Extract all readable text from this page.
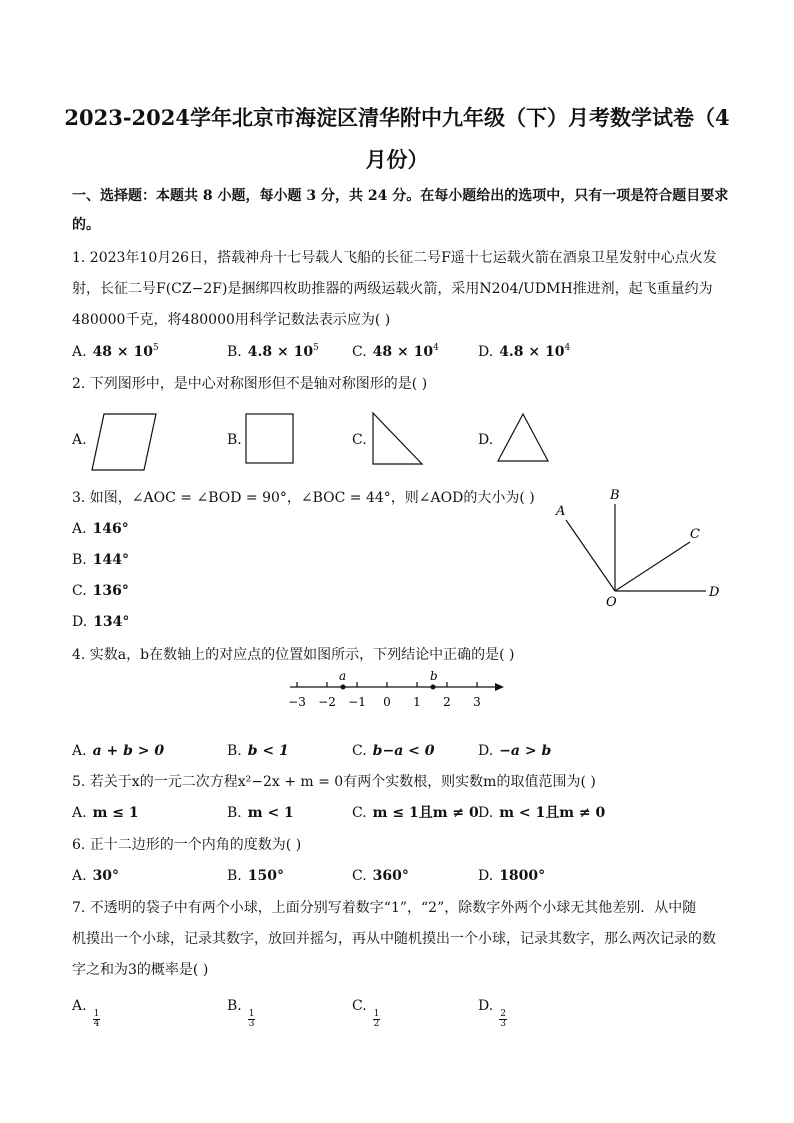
2023-2024学年北京市海淀区清华附中九年级（下）月考数学试卷（4
月份）
一、选择题：本题共 8 小题，每小题 3 分，共 24 分。在每小题给出的选项中，只有一项是符合题目要求
的。
1. 2023年10月26日，搭载神舟十七号载人飞船的长征二号F遥十七运载火箭在酒泉卫星发射中心点火发
射，长征二号F(CZ−2F)是捆绑四枚助推器的两级运载火箭，采用N204/UDMH推进剂，起飞重量约为
480000千克，将480000用科学记数法表示应为( )
A. $48 \times 10^5$	B. $4.8 \times 10^5$ C. $48 \times 10^4$	D. $4.8 \times 10^4$
2. 下列图形中，是中心对称图形但不是轴对称图形的是( )
A.	B.	C.	D.
3. 如图，∠AOC = ∠BOD = 90°，∠BOC = 44°，则∠AOD的大小为( )
A. 146°
B. 144°
C. 136°
D. 134°
A
B
C
D
O
4. 实数a，b在数轴上的对应点的位置如图所示，下列结论中正确的是( )
−3 −2 −1 0 1 2 3
a	b
A. a + b > 0	B. b < 1	C. b−a < 0	D. −a > b
5. 若关于x的一元二次方程x²−2x + m = 0有两个实数根，则实数m的取值范围为( )
A. m ≤ 1	B. m < 1	C. m ≤ 1且m ≠ 0 D. m < 1且m ≠ 0
6. 正十二边形的一个内角的度数为( )
A. 30°	B. 150°	C. 360°	D. 1800°
7. 不透明的袋子中有两个小球，上面分别写着数字“1”，“2”，除数字外两个小球无其他差别．从中随
机摸出一个小球，记录其数字，放回并摇匀，再从中随机摸出一个小球，记录其数字，那么两次记录的数
字之和为3的概率是( )
A.
$\frac{1}{4}$
B.
$\frac{1}{3}$
C.
$\frac{1}{2}$
D.
$\frac{2}{3}$
